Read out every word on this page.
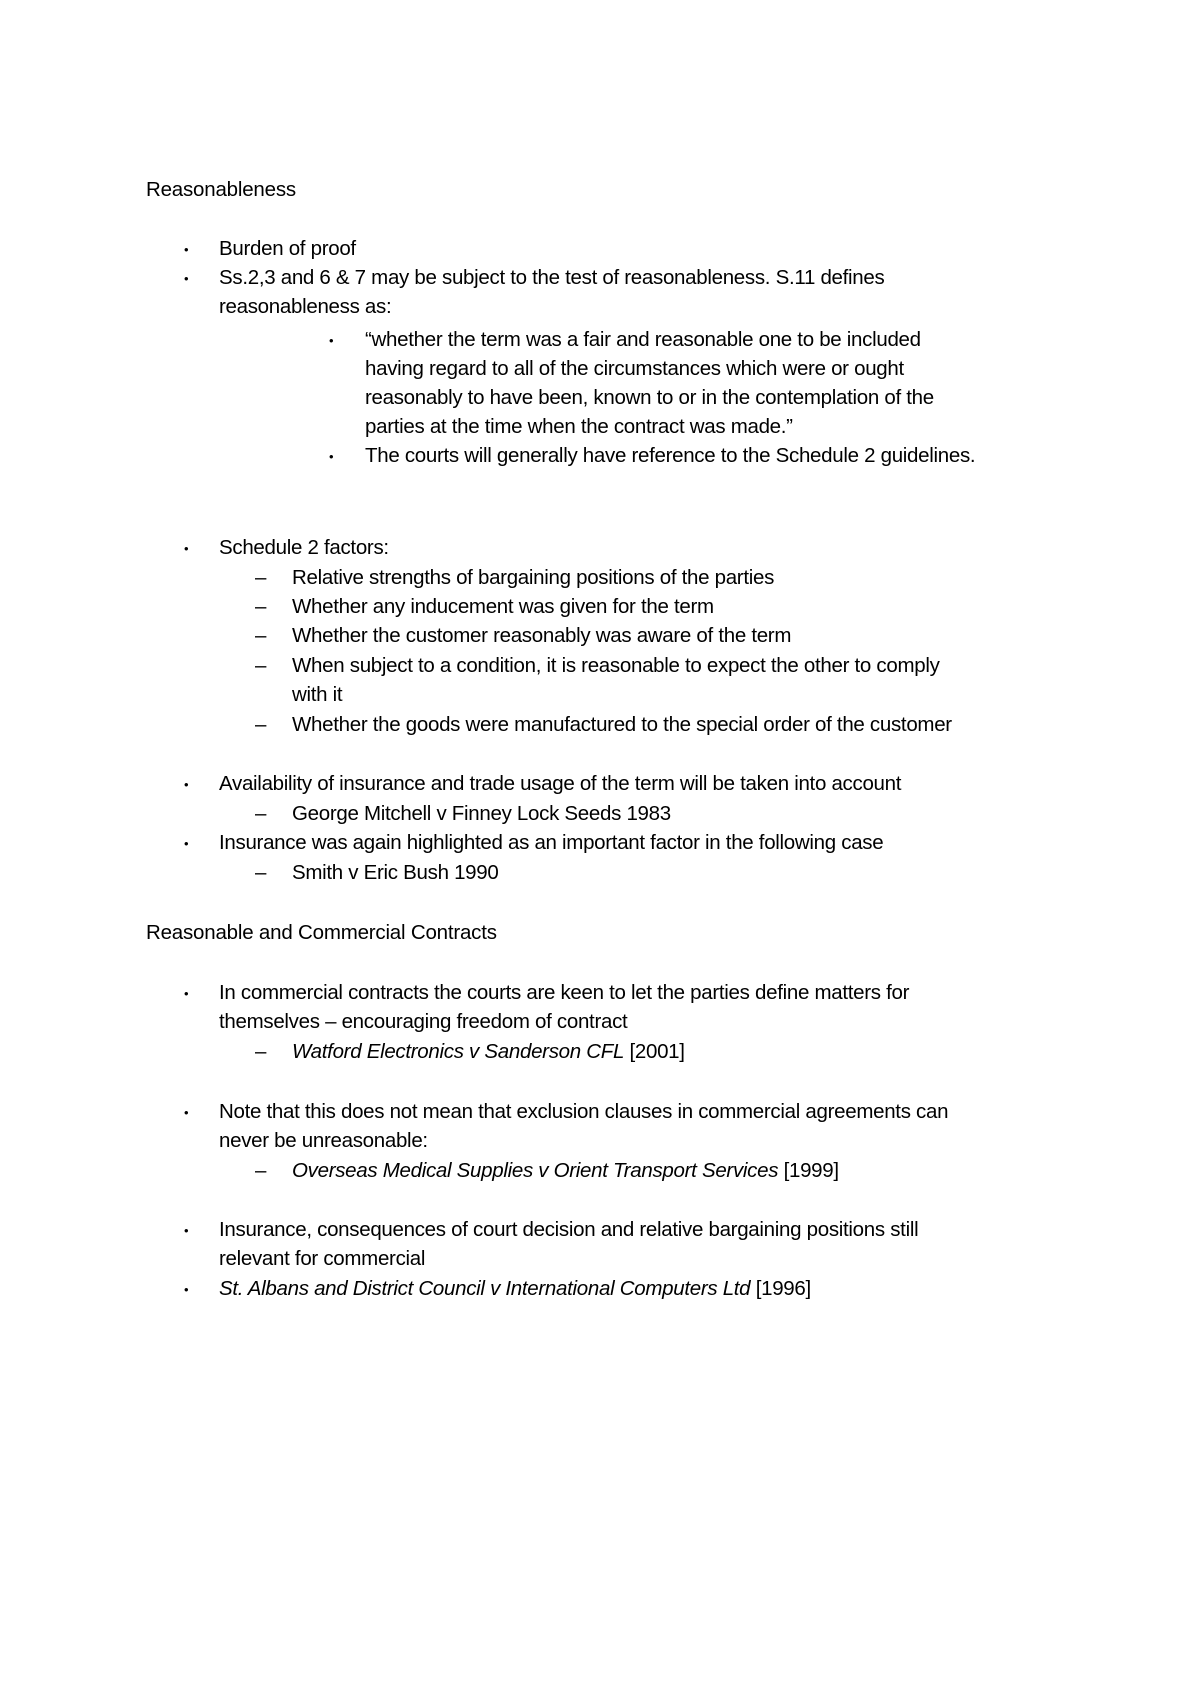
Reasonableness
• Burden of proof
• Ss.2,3 and 6 & 7 may be subject to the test of reasonableness. S.11 defines
reasonableness as:
• “whether the term was a fair and reasonable one to be included
having regard to all of the circumstances which were or ought
reasonably to have been, known to or in the contemplation of the
parties at the time when the contract was made.”
• The courts will generally have reference to the Schedule 2 guidelines.
• Schedule 2 factors:
– Relative strengths of bargaining positions of the parties
– Whether any inducement was given for the term
– Whether the customer reasonably was aware of the term
– When subject to a condition, it is reasonable to expect the other to comply
with it
– Whether the goods were manufactured to the special order of the customer
• Availability of insurance and trade usage of the term will be taken into account
– George Mitchell v Finney Lock Seeds 1983
• Insurance was again highlighted as an important factor in the following case
– Smith v Eric Bush 1990
Reasonable and Commercial Contracts
• In commercial contracts the courts are keen to let the parties define matters for
themselves – encouraging freedom of contract
– Watford Electronics v Sanderson CFL [2001]
• Note that this does not mean that exclusion clauses in commercial agreements can
never be unreasonable:
– Overseas Medical Supplies v Orient Transport Services [1999]
• Insurance, consequences of court decision and relative bargaining positions still
relevant for commercial
• St. Albans and District Council v International Computers Ltd [1996]
